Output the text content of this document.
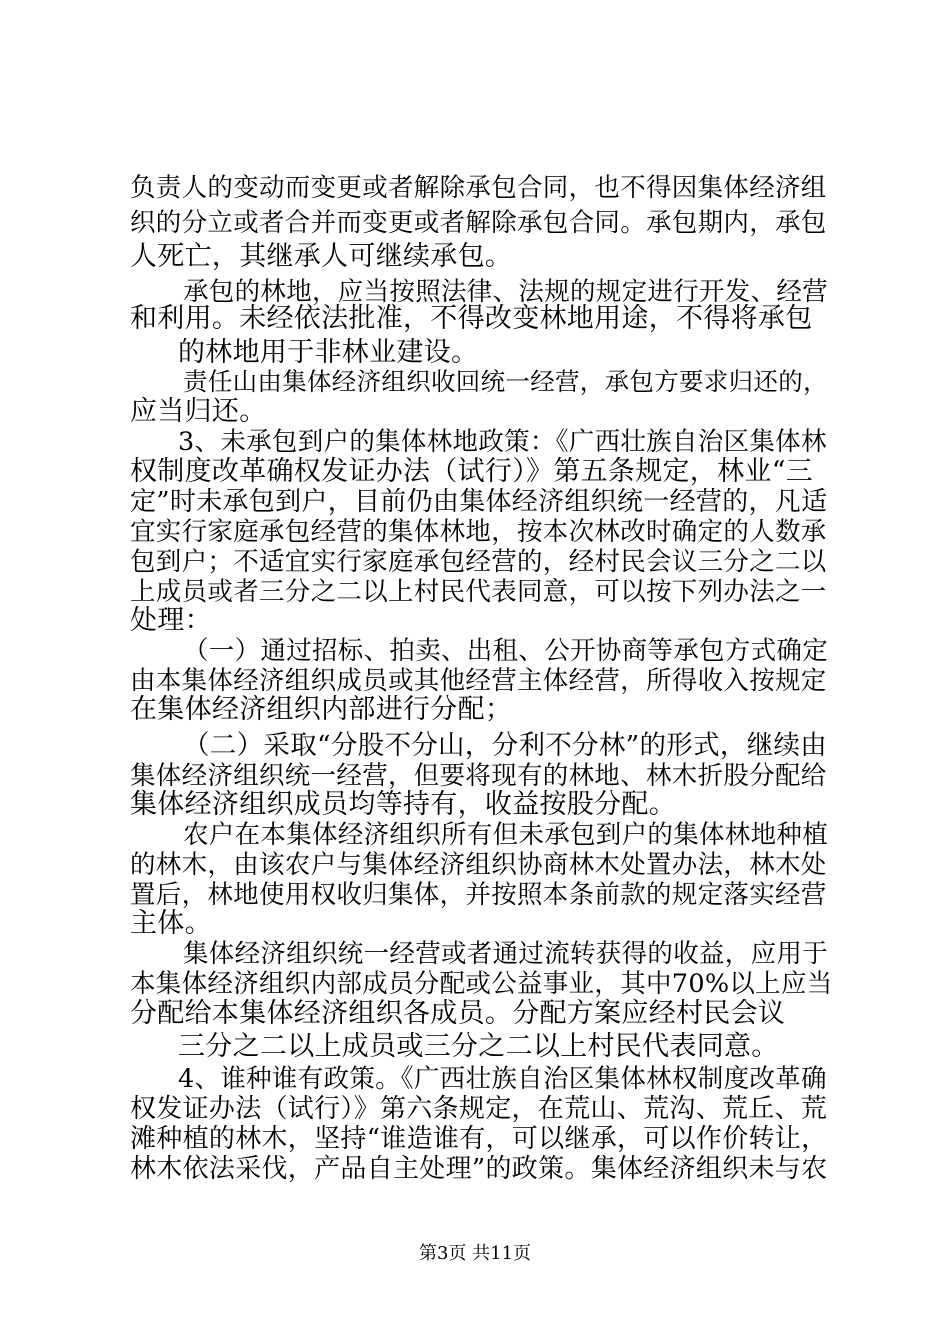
负责人的变动而变更或者解除承包合同，也不得因集体经济组
织的分立或者合并而变更或者解除承包合同。承包期内，承包
人死亡，其继承人可继续承包。
承包的林地，应当按照法律、法规的规定进行开发、经营
和利用。未经依法批准，不得改变林地用途，不得将承包
的林地用于非林业建设。
责任山由集体经济组织收回统一经营，承包方要求归还的，
应当归还。
3、未承包到户的集体林地政策：《广西壮族自治区集体林
权制度改革确权发证办法（试行）》第五条规定，林业“三
定”时未承包到户，目前仍由集体经济组织统一经营的，凡适
宜实行家庭承包经营的集体林地，按本次林改时确定的人数承
包到户；不适宜实行家庭承包经营的，经村民会议三分之二以
上成员或者三分之二以上村民代表同意，可以按下列办法之一
处理：
（一）通过招标、拍卖、出租、公开协商等承包方式确定
由本集体经济组织成员或其他经营主体经营，所得收入按规定
在集体经济组织内部进行分配；
（二）采取“分股不分山，分利不分林”的形式，继续由
集体经济组织统一经营，但要将现有的林地、林木折股分配给
集体经济组织成员均等持有，收益按股分配。
农户在本集体经济组织所有但未承包到户的集体林地种植
的林木，由该农户与集体经济组织协商林木处置办法，林木处
置后，林地使用权收归集体，并按照本条前款的规定落实经营
主体。
集体经济组织统一经营或者通过流转获得的收益，应用于
本集体经济组织内部成员分配或公益事业，其中70%以上应当
分配给本集体经济组织各成员。分配方案应经村民会议
三分之二以上成员或三分之二以上村民代表同意。
4、谁种谁有政策。《广西壮族自治区集体林权制度改革确
权发证办法（试行）》第六条规定，在荒山、荒沟、荒丘、荒
滩种植的林木，坚持“谁造谁有，可以继承，可以作价转让，
林木依法采伐，产品自主处理”的政策。集体经济组织未与农
第3页 共11页
